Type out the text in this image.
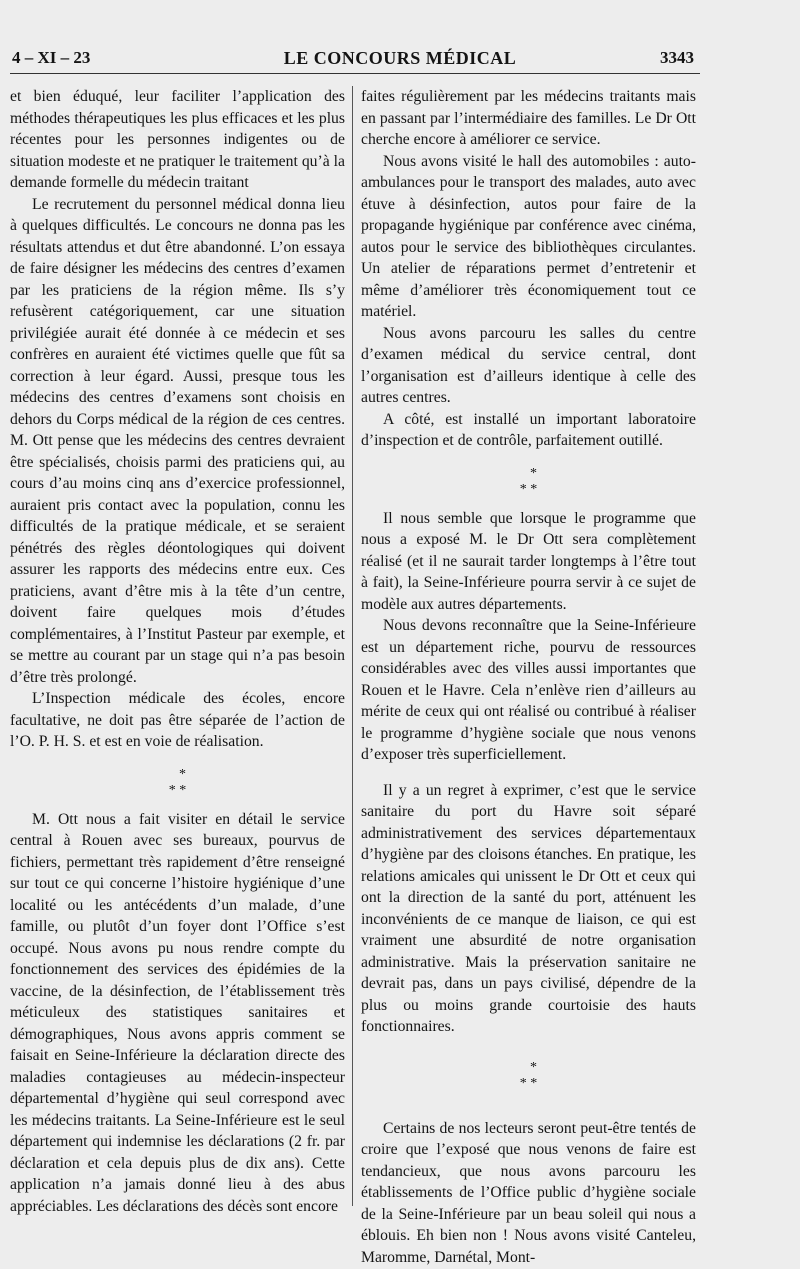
4 – XI – 23	LE CONCOURS MÉDICAL	3343

et bien éduqué, leur faciliter l’application des méthodes thérapeutiques les plus efficaces et les plus récentes pour les personnes indigentes ou de situation modeste et ne pratiquer le traitement qu’à la demande formelle du médecin traitant

Le recrutement du personnel médical donna lieu à quelques difficultés. Le concours ne donna pas les résultats attendus et dut être abandonné. L’on essaya de faire désigner les médecins des centres d’examen par les praticiens de la région même. Ils s’y refusèrent catégoriquement, car une situation privilégiée aurait été donnée à ce médecin et ses confrères en auraient été victimes quelle que fût sa correction à leur égard. Aussi, presque tous les médecins des centres d’examens sont choisis en dehors du Corps médical de la région de ces centres. M. Ott pense que les médecins des centres devraient être spécialisés, choisis parmi des praticiens qui, au cours d’au moins cinq ans d’exercice professionnel, auraient pris contact avec la population, connu les difficultés de la pratique médicale, et se seraient pénétrés des règles déontologiques qui doivent assurer les rapports des médecins entre eux. Ces praticiens, avant d’être mis à la tête d’un centre, doivent faire quelques mois d’études complémentaires, à l’Institut Pasteur par exemple, et se mettre au courant par un stage qui n’a pas besoin d’être très prolongé.

L’Inspection médicale des écoles, encore facultative, ne doit pas être séparée de l’action de l’O. P. H. S. et est en voie de réalisation.

*
* *

M. Ott nous a fait visiter en détail le service central à Rouen avec ses bureaux, pourvus de fichiers, permettant très rapidement d’être renseigné sur tout ce qui concerne l’histoire hygiénique d’une localité ou les antécédents d’un malade, d’une famille, ou plutôt d’un foyer dont l’Office s’est occupé. Nous avons pu nous rendre compte du fonctionnement des services des épidémies de la vaccine, de la désinfection, de l’établissement très méticuleux des statistiques sanitaires et démographiques, Nous avons appris comment se faisait en Seine-Inférieure la déclaration directe des maladies contagieuses au médecin-inspecteur départemental d’hygiène qui seul correspond avec les médecins traitants. La Seine-Inférieure est le seul département qui indemnise les déclarations (2 fr. par déclaration et cela depuis plus de dix ans). Cette application n’a jamais donné lieu à des abus appréciables. Les déclarations des décès sont encore

faites régulièrement par les médecins traitants mais en passant par l’intermédiaire des familles. Le Dr Ott cherche encore à améliorer ce service.

Nous avons visité le hall des automobiles : auto-ambulances pour le transport des malades, auto avec étuve à désinfection, autos pour faire de la propagande hygiénique par conférence avec cinéma, autos pour le service des bibliothèques circulantes. Un atelier de réparations permet d’entretenir et même d’améliorer très économiquement tout ce matériel.

Nous avons parcouru les salles du centre d’examen médical du service central, dont l’organisation est d’ailleurs identique à celle des autres centres.

A côté, est installé un important laboratoire d’inspection et de contrôle, parfaitement outillé.

*
* *

Il nous semble que lorsque le programme que nous a exposé M. le Dr Ott sera complètement réalisé (et il ne saurait tarder longtemps à l’être tout à fait), la Seine-Inférieure pourra servir à ce sujet de modèle aux autres départements.

Nous devons reconnaître que la Seine-Inférieure est un département riche, pourvu de ressources considérables avec des villes aussi importantes que Rouen et le Havre. Cela n’enlève rien d’ailleurs au mérite de ceux qui ont réalisé ou contribué à réaliser le programme d’hygiène sociale que nous venons d’exposer très superficiellement.

Il y a un regret à exprimer, c’est que le service sanitaire du port du Havre soit séparé administrativement des services départementaux d’hygiène par des cloisons étanches. En pratique, les relations amicales qui unissent le Dr Ott et ceux qui ont la direction de la santé du port, atténuent les inconvénients de ce manque de liaison, ce qui est vraiment une absurdité de notre organisation administrative. Mais la préservation sanitaire ne devrait pas, dans un pays civilisé, dépendre de la plus ou moins grande courtoisie des hauts fonctionnaires.

*
* *

Certains de nos lecteurs seront peut-être tentés de croire que l’exposé que nous venons de faire est tendancieux, que nous avons parcouru les établissements de l’Office public d’hygiène sociale de la Seine-Inférieure par un beau soleil qui nous a éblouis. Eh bien non ! Nous avons visité Canteleu, Maromme, Darnétal, Mont-
